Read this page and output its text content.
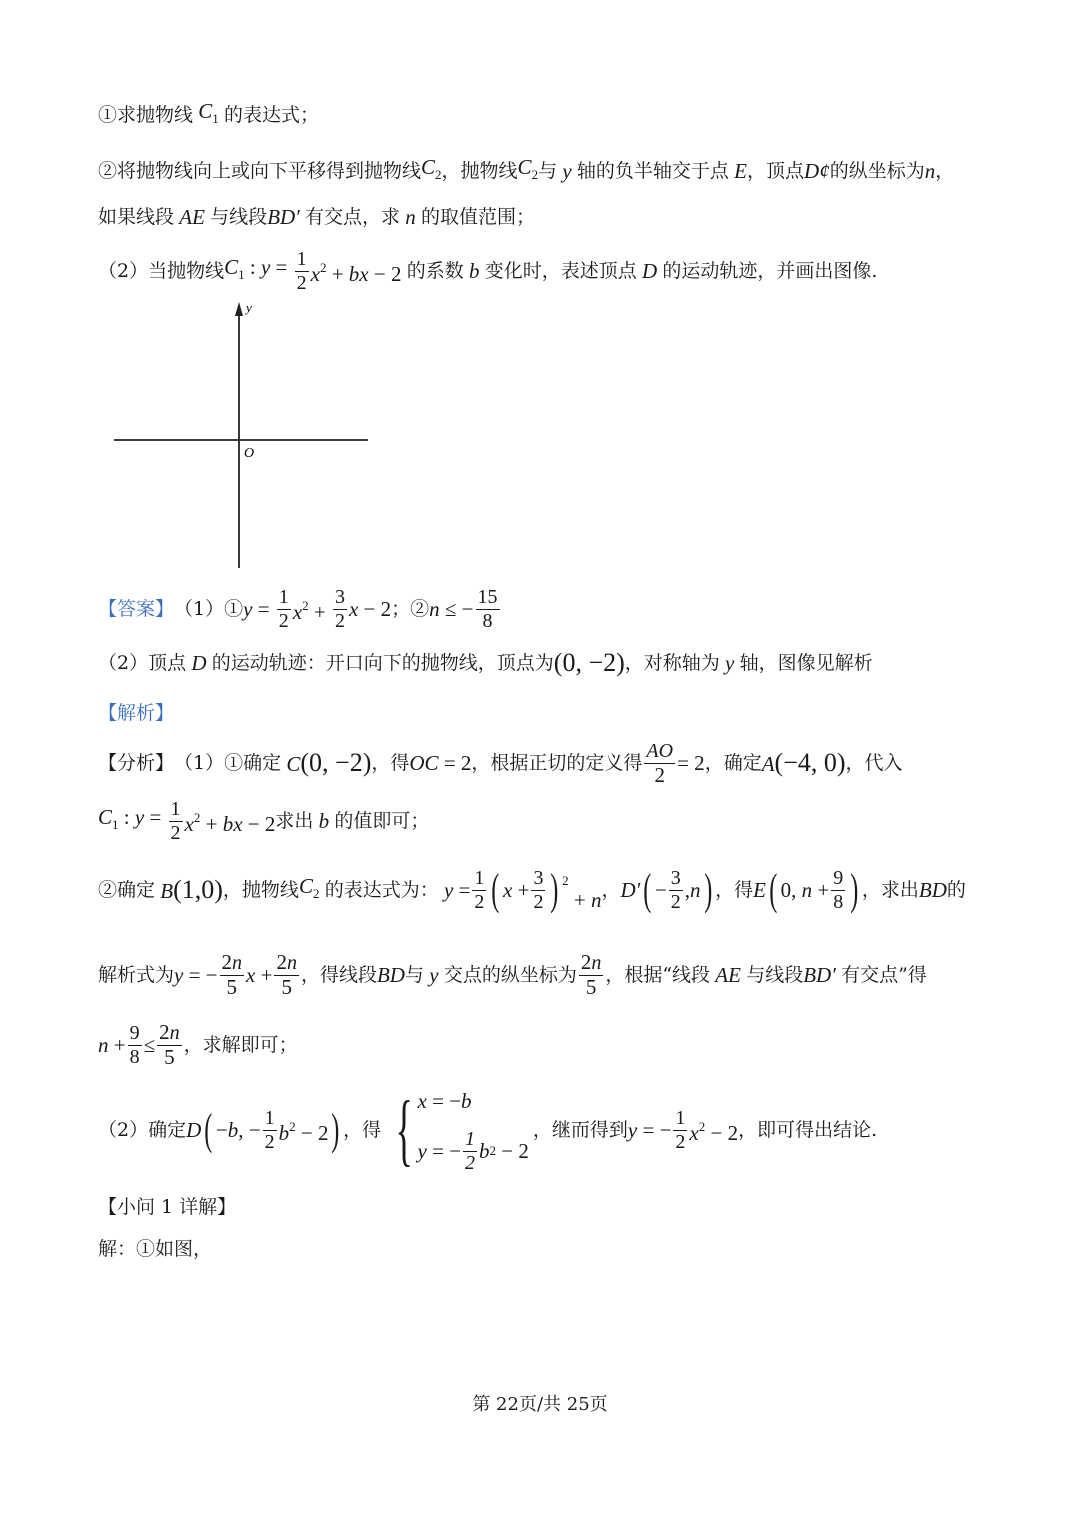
①求抛物线 $C_1$ 的表达式；
②将抛物线向上或向下平移得到抛物线 $C_2$ ，抛物线 $C_2$ 与 y 轴的负半轴交于点 E ，顶点 D¢ 的纵坐标为 n ，
如果线段 AE 与线段 BD′ 有交点，求 n 的取值范围；
（2）当抛物线 $C_1$ : $y = \frac{1}{2} x^2$ + bx − 2 的系数 b 变化时，表述顶点 D 的运动轨迹，并画出图像.
y
O
【答案】 （1）① $y = \frac{1}{2} x^2 + \frac{3}{2}$ x − 2 ；② n ≤ − $\frac{15}{8}$
（2）顶点 D 的运动轨迹：开口向下的抛物线，顶点为 (0, −2) ，对称轴为 y 轴，图像见解析
【解析】
【分析】 （1）①确定 C(0, −2) ，得 OC = 2 ，根据正切的定义得 $\frac{AO}{2} = 2$ ，确定 A(−4, 0) ，代入
$C_1$ : $y = \frac{1}{2} x^2$ + bx − 2 求出 b 的值即可；
②确定 B(1,0) ，抛物线 $C_2$ 的表达式为： $y = \frac{1}{2}$ ( $x + \frac{3}{2}$ ) $^2$ + n ， D′ ( − $\frac{3}{2} ,n$ ) ，得 E ( 0, $n + \frac{9}{8}$ ) ，求出 BD 的
解析式为 y = − $\frac{2n}{5}$ $x + \frac{2n}{5}$ ，得线段 BD 与 y 交点的纵坐标为 $\frac{2n}{5}$ ，根据“线段 AE 与线段 BD′ 有交点”得
$n + \frac{9}{8} \le \frac{2n}{5}$ ，求解即可；
（2）确定 D ( −b, − $\frac{1}{2} b^2 - 2$ ) ，得 { x = −b
y = − $\frac{1}{2}$ b 2 − 2
，继而得到 y = − $\frac{1}{2} x^2 - 2$ ，即可得出结论.
【小问 1 详解】
解：①如图，
第 22页/共 25页
